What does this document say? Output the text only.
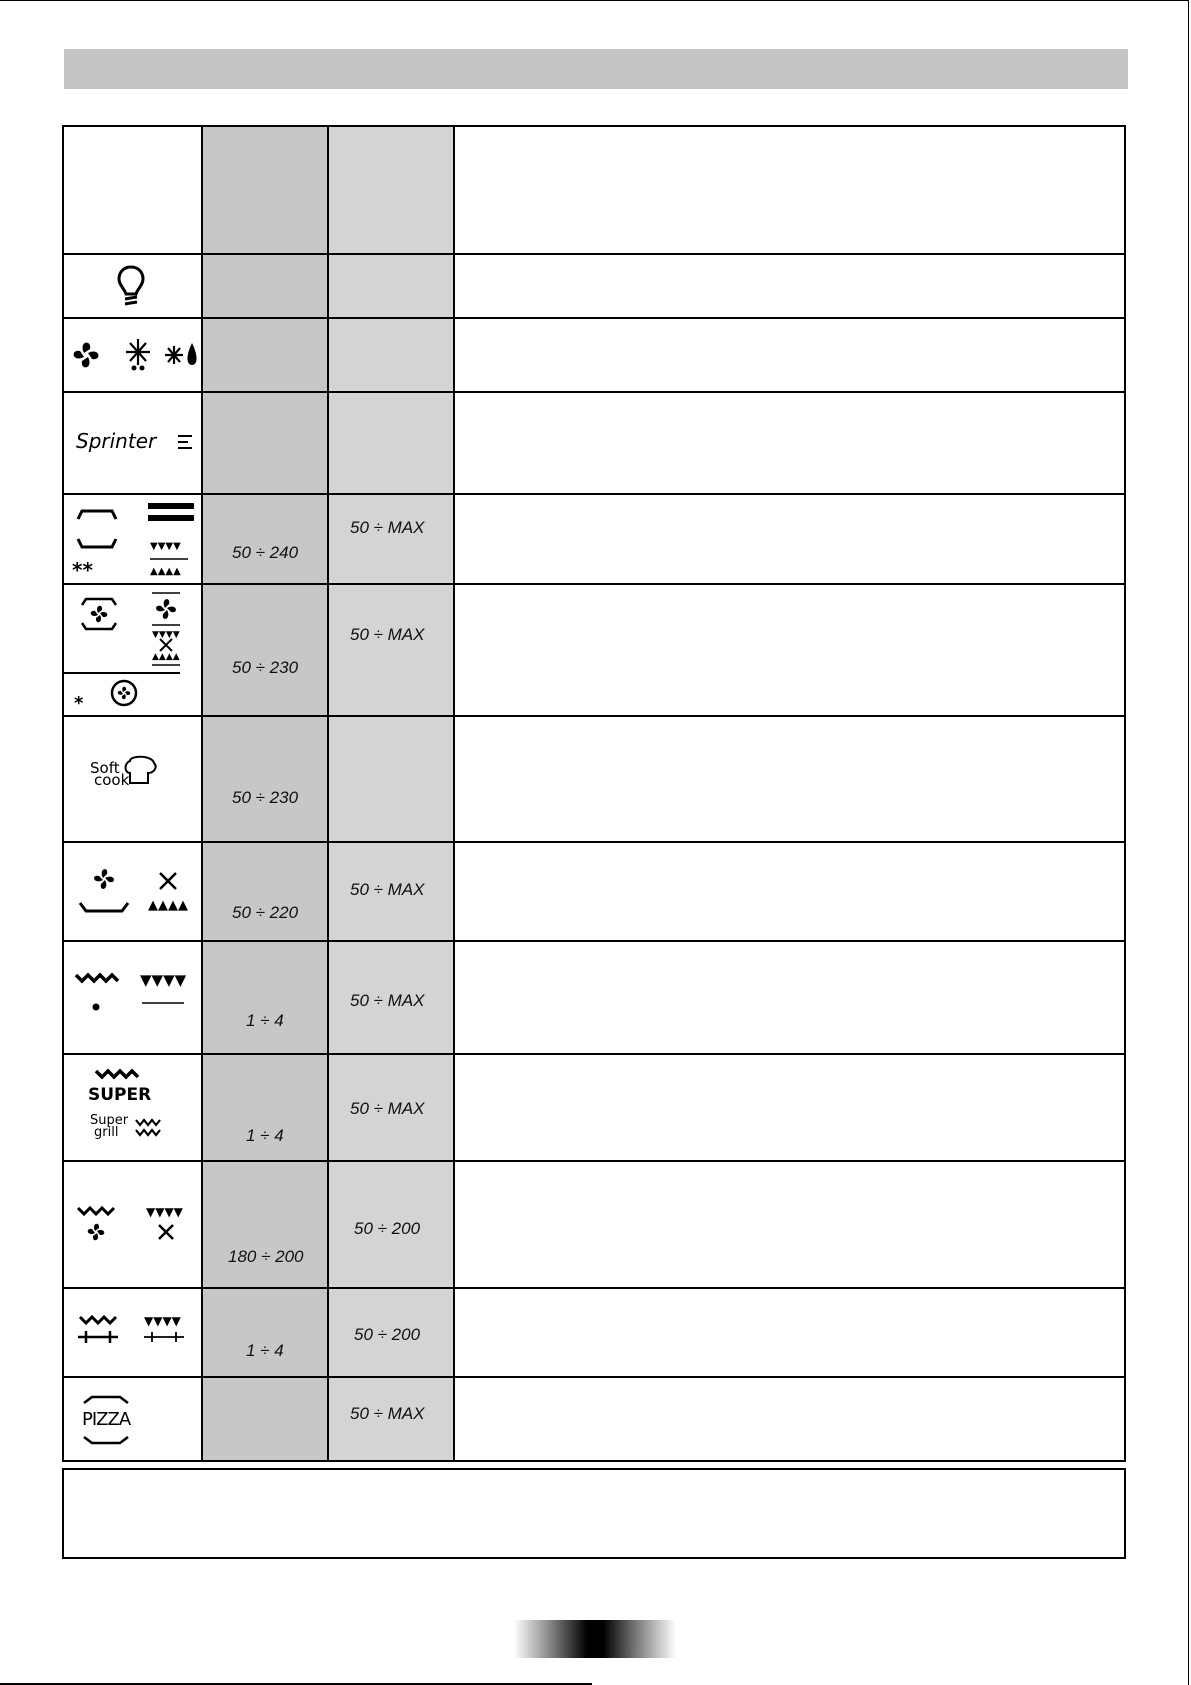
50 ÷ 240
50 ÷ MAX
50 ÷ 230
50 ÷ MAX
50 ÷ 230
50 ÷ 220
50 ÷ MAX
1 ÷ 4
50 ÷ MAX
1 ÷ 4
50 ÷ MAX
180 ÷ 200
50 ÷ 200
1 ÷ 4
50 ÷ 200
50 ÷ MAX
Sprinter
**
▼▼▼▼
▲▲▲▲
▼▼▼▼
▲▲▲▲
*
Soft
cook
▲▲▲▲
▼▼▼▼
SUPER
Super
grill
▼▼▼▼
▼▼▼▼
PIZZA
